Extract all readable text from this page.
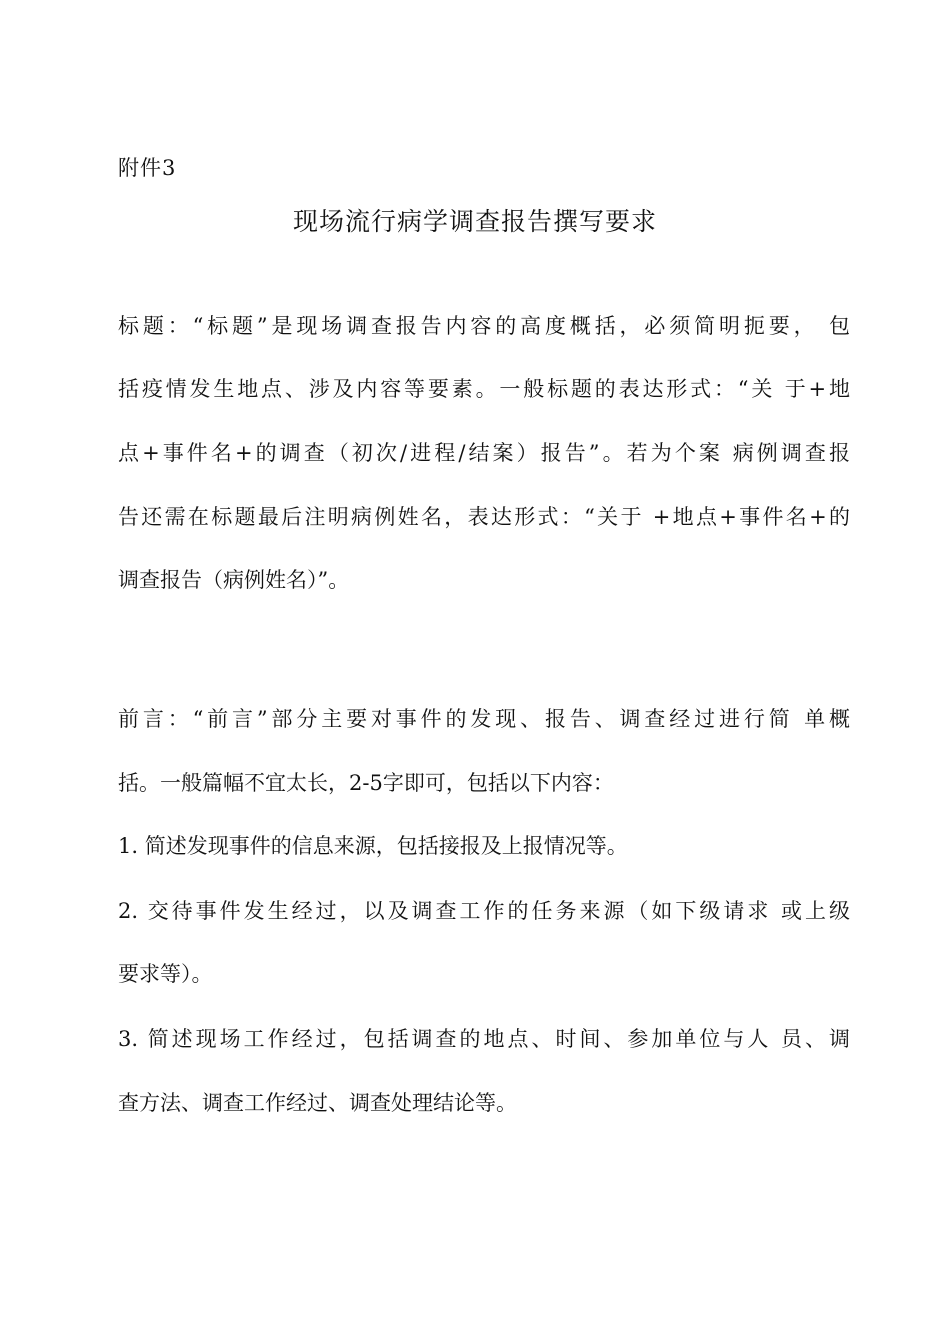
附件3
现场流行病学调查报告撰写要求
标题：“标题”是现场调查报告内容的高度概括，必须简明扼要， 包
括疫情发生地点、涉及内容等要素。一般标题的表达形式：“关 于+地
点+事件名+的调查（初次/进程/结案）报告”。若为个案 病例调查报
告还需在标题最后注明病例姓名，表达形式：“关于 +地点+事件名+的
调查报告（病例姓名）”。
前言：“前言”部分主要对事件的发现、报告、调查经过进行简 单概
括。一般篇幅不宜太长，2-5字即可，包括以下内容：
1. 简述发现事件的信息来源，包括接报及上报情况等。
2. 交待事件发生经过，以及调查工作的任务来源（如下级请求 或上级
要求等）。
3. 简述现场工作经过，包括调查的地点、时间、参加单位与人 员、调
查方法、调查工作经过、调查处理结论等。
